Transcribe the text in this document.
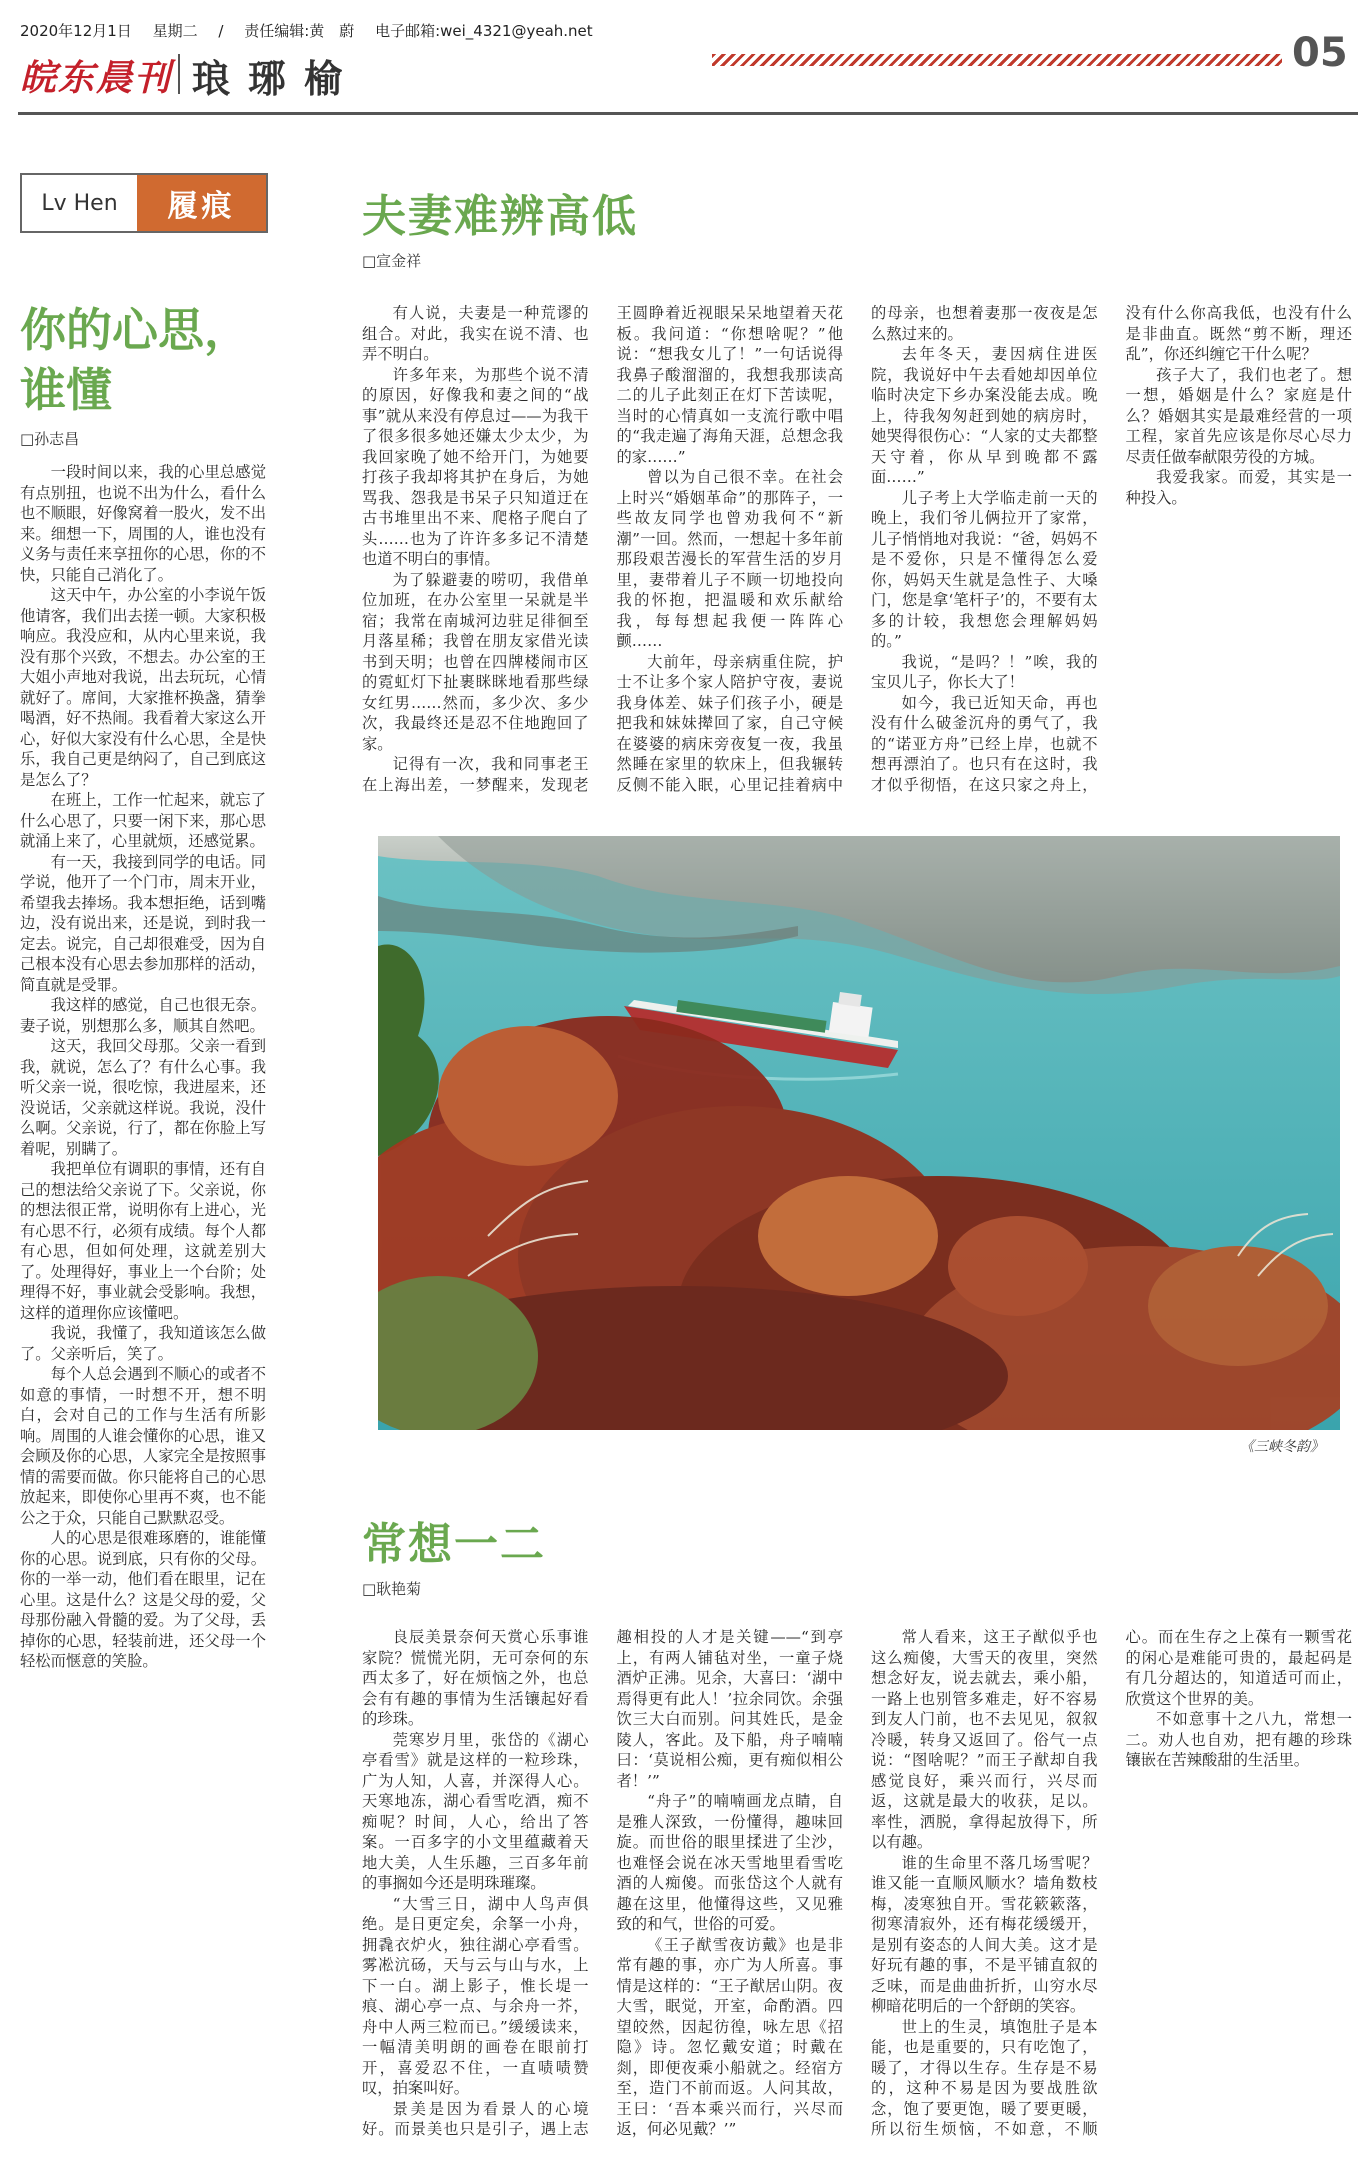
2020年12月1日 星期二 / 责任编辑:黄　蔚 电子邮箱:wei_4321@yeah.net
皖东晨刊 琅琊榆
05
Lv Hen	履痕
你的心思，
谁懂
□孙志昌

一段时间以来，我的心里总感觉有点别扭，也说不出为什么，看什么也不顺眼，好像窝着一股火，发不出来。细想一下，周围的人，谁也没有义务与责任来享扭你的心思，你的不快，只能自己消化了。

这天中午，办公室的小李说午饭他请客，我们出去搓一顿。大家积极响应。我没应和，从内心里来说，我没有那个兴致，不想去。办公室的王大姐小声地对我说，出去玩玩，心情就好了。席间，大家推杯换盏，猜拳喝酒，好不热闹。我看着大家这么开心，好似大家没有什么心思，全是快乐，我自己更是纳闷了，自己到底这是怎么了？

在班上，工作一忙起来，就忘了什么心思了，只要一闲下来，那心思就涌上来了，心里就烦，还感觉累。

有一天，我接到同学的电话。同学说，他开了一个门市，周末开业，希望我去捧场。我本想拒绝，话到嘴边，没有说出来，还是说，到时我一定去。说完，自己却很难受，因为自己根本没有心思去参加那样的活动，简直就是受罪。

我这样的感觉，自己也很无奈。妻子说，别想那么多，顺其自然吧。

这天，我回父母那。父亲一看到我，就说，怎么了？有什么心事。我听父亲一说，很吃惊，我进屋来，还没说话，父亲就这样说。我说，没什么啊。父亲说，行了，都在你脸上写着呢，别瞒了。

我把单位有调职的事情，还有自己的想法给父亲说了下。父亲说，你的想法很正常，说明你有上进心，光有心思不行，必须有成绩。每个人都有心思，但如何处理，这就差别大了。处理得好，事业上一个台阶；处理得不好，事业就会受影响。我想，这样的道理你应该懂吧。

我说，我懂了，我知道该怎么做了。父亲听后，笑了。

每个人总会遇到不顺心的或者不如意的事情，一时想不开，想不明白，会对自己的工作与生活有所影响。周围的人谁会懂你的心思，谁又会顾及你的心思，人家完全是按照事情的需要而做。你只能将自己的心思放起来，即使你心里再不爽，也不能公之于众，只能自己默默忍受。

人的心思是很难琢磨的，谁能懂你的心思。说到底，只有你的父母。你的一举一动，他们看在眼里，记在心里。这是什么？这是父母的爱，父母那份融入骨髓的爱。为了父母，丢掉你的心思，轻装前进，还父母一个轻松而惬意的笑脸。

夫妻难辨高低
□宣金祥

有人说，夫妻是一种荒谬的组合。对此，我实在说不清、也弄不明白。

许多年来，为那些个说不清的原因，好像我和妻之间的“战事”就从来没有停息过——为我干了很多很多她还嫌太少太少，为我回家晚了她不给开门，为她要打孩子我却将其护在身后，为她骂我、怨我是书呆子只知道迂在古书堆里出不来、爬格子爬白了头……也为了许许多多记不清楚也道不明白的事情。

为了躲避妻的唠叨，我借单位加班，在办公室里一呆就是半宿；我常在南城河边驻足徘徊至月落星稀；我曾在朋友家借光读书到天明；也曾在四牌楼闹市区的霓虹灯下扯裹眯眯地看那些绿女红男……然而，多少次、多少次，我最终还是忍不住地跑回了家。

记得有一次，我和同事老王在上海出差，一梦醒来，发现老王圆睁着近视眼呆呆地望着天花板。我问道：“你想啥呢？”他说：“想我女儿了！”一句话说得我鼻子酸溜溜的，我想我那读高二的儿子此刻正在灯下苦读呢，当时的心情真如一支流行歌中唱的“我走遍了海角天涯，总想念我的家……”

曾以为自己很不幸。在社会上时兴“婚姻革命”的那阵子，一些故友同学也曾劝我何不“新潮”一回。然而，一想起十多年前那段艰苦漫长的军营生活的岁月里，妻带着儿子不顾一切地投向我的怀抱，把温暖和欢乐献给我，每每想起我便一阵阵心颤……

大前年，母亲病重住院，护士不让多个家人陪护守夜，妻说我身体差、妹子们孩子小，硬是把我和妹妹撵回了家，自己守候在婆婆的病床旁夜复一夜，我虽然睡在家里的软床上，但我辗转反侧不能入眠，心里记挂着病中的母亲，也想着妻那一夜夜是怎么熬过来的。

去年冬天，妻因病住进医院，我说好中午去看她却因单位临时决定下乡办案没能去成。晚上，待我匆匆赶到她的病房时，她哭得很伤心：“人家的丈夫都整天守着，你从早到晚都不露面……”

儿子考上大学临走前一天的晚上，我们爷儿俩拉开了家常，儿子悄悄地对我说：“爸，妈妈不是不爱你，只是不懂得怎么爱你，妈妈天生就是急性子、大嗓门，您是拿‘笔杆子’的，不要有太多的计较，我想您会理解妈妈的。”

我说，“是吗？！”唉，我的宝贝儿子，你长大了！

如今，我已近知天命，再也没有什么破釜沉舟的勇气了，我的“诺亚方舟”已经上岸，也就不想再漂泊了。也只有在这时，我才似乎彻悟，在这只家之舟上，没有什么你高我低，也没有什么是非曲直。既然“剪不断，理还乱”，你还纠缠它干什么呢？

孩子大了，我们也老了。想一想，婚姻是什么？家庭是什么？婚姻其实是最难经营的一项工程，家首先应该是你尽心尽力尽责任做奉献限劳役的方城。

我爱我家。而爱，其实是一种投入。

《三峡冬韵》
常想一二
□耿艳菊

良辰美景奈何天赏心乐事谁家院？慌慌光阴，无可奈何的东西太多了，好在烦恼之外，也总会有有趣的事情为生活镶起好看的珍珠。

莞寒岁月里，张岱的《湖心亭看雪》就是这样的一粒珍珠，广为人知，人喜，并深得人心。天寒地冻，湖心看雪吃酒，痴不痴呢？时间，人心，给出了答案。一百多字的小文里蕴藏着天地大美，人生乐趣，三百多年前的事搁如今还是明珠璀璨。

“大雪三日，湖中人鸟声俱绝。是日更定矣，余拏一小舟，拥毳衣炉火，独往湖心亭看雪。雾凇沆砀，天与云与山与水，上下一白。湖上影子，惟长堤一痕、湖心亭一点、与余舟一芥，舟中人两三粒而已。”缓缓读来，一幅清美明朗的画卷在眼前打开，喜爱忍不住，一直啧啧赞叹，拍案叫好。

景美是因为看景人的心境好。而景美也只是引子，遇上志趣相投的人才是关键——“到亭上，有两人铺毡对坐，一童子烧酒炉正沸。见余，大喜曰：‘湖中焉得更有此人！’拉余同饮。余强饮三大白而别。问其姓氏，是金陵人，客此。及下船，舟子喃喃曰：‘莫说相公痴，更有痴似相公者！’”

“舟子”的喃喃画龙点睛，自是雅人深致，一份懂得，趣味回旋。而世俗的眼里揉进了尘沙，也难怪会说在冰天雪地里看雪吃酒的人痴傻。而张岱这个人就有趣在这里，他懂得这些，又见雅致的和气，世俗的可爱。

《王子猷雪夜访戴》也是非常有趣的事，亦广为人所喜。事情是这样的：“王子猷居山阴。夜大雪，眠觉，开室，命酌酒。四望皎然，因起彷徨，咏左思《招隐》诗。忽忆戴安道；时戴在剡，即便夜乘小船就之。经宿方至，造门不前而返。人问其故，王曰：‘吾本乘兴而行，兴尽而返，何必见戴？’”

常人看来，这王子猷似乎也这么痴傻，大雪天的夜里，突然想念好友，说去就去，乘小船，一路上也别管多难走，好不容易到友人门前，也不去见见，叙叙冷暖，转身又返回了。俗气一点说：“图啥呢？”而王子猷却自我感觉良好，乘兴而行，兴尽而返，这就是最大的收获，足以。率性，洒脱，拿得起放得下，所以有趣。

谁的生命里不落几场雪呢？谁又能一直顺风顺水？墙角数枝梅，凌寒独自开。雪花簌簌落，彻寒清寂外，还有梅花缓缓开，是别有姿态的人间大美。这才是好玩有趣的事，不是平铺直叙的乏味，而是曲曲折折，山穷水尽柳暗花明后的一个舒朗的笑容。

世上的生灵，填饱肚子是本能，也是重要的，只有吃饱了，暖了，才得以生存。生存是不易的，这种不易是因为要战胜欲念，饱了要更饱，暖了要更暖，所以衍生烦恼，不如意，不顺心。而在生存之上葆有一颗雪花的闲心是难能可贵的，最起码是有几分超达的，知道适可而止，欣赏这个世界的美。

不如意事十之八九，常想一二。劝人也自劝，把有趣的珍珠镶嵌在苦辣酸甜的生活里。
